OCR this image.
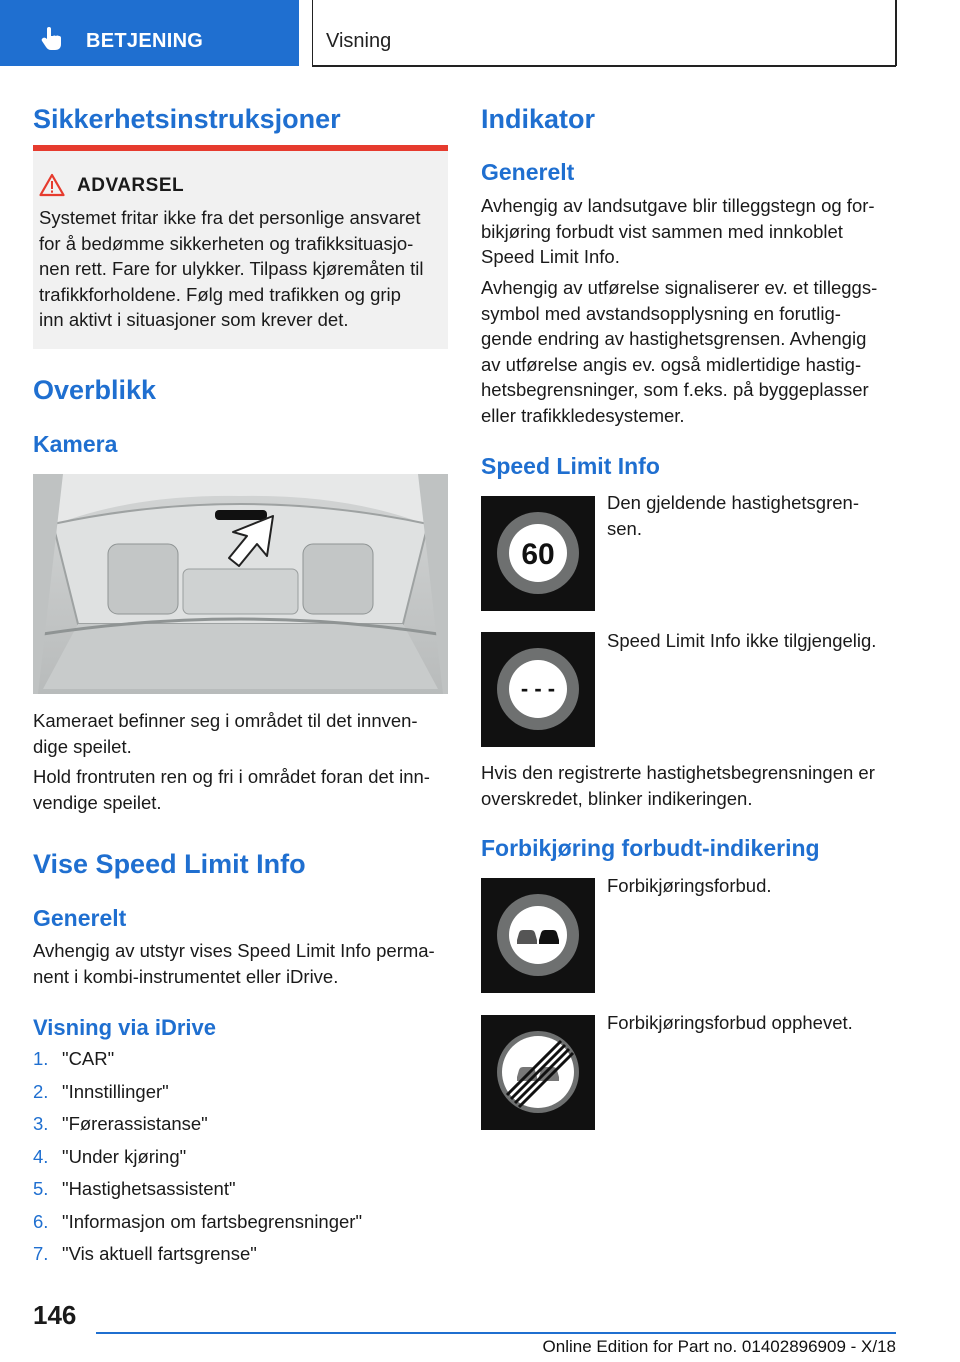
BETJENING	Visning
Sikkerhetsinstruksjoner
ADVARSEL
Systemet fritar ikke fra det personlige ansvaret
for å bedømme sikkerheten og trafikksituasjo-
nen rett. Fare for ulykker. Tilpass kjøremåten til
trafikkforholdene. Følg med trafikken og grip
inn aktivt i situasjoner som krever det.
Overblikk
Kamera
Kameraet befinner seg i området til det innven-
dige speilet.
Hold frontruten ren og fri i området foran det inn-
vendige speilet.
Vise Speed Limit Info
Generelt
Avhengig av utstyr vises Speed Limit Info perma-
nent i kombi-instrumentet eller iDrive.
Visning via iDrive
1. "CAR"
2. "Innstillinger"
3. "Førerassistanse"
4. "Under kjøring"
5. "Hastighetsassistent"
6. "Informasjon om fartsbegrensninger"
7. "Vis aktuell fartsgrense"
Indikator
Generelt
Avhengig av landsutgave blir tilleggstegn og for-
bikjøring forbudt vist sammen med innkoblet
Speed Limit Info.
Avhengig av utførelse signaliserer ev. et tilleggs-
symbol med avstandsopplysning en forutlig-
gende endring av hastighetsgrensen. Avhengig
av utførelse angis ev. også midlertidige hastig-
hetsbegrensninger, som f.eks. på byggeplasser
eller trafikkledesystemer.
Speed Limit Info
60
Den gjeldende hastighetsgren-
sen.
- - -
Speed Limit Info ikke tilgjengelig.
Hvis den registrerte hastighetsbegrensningen er
overskredet, blinker indikeringen.
Forbikjøring forbudt-indikering
Forbikjøringsforbud.
Forbikjøringsforbud opphevet.
146
Online Edition for Part no. 01402896909 - X/18
